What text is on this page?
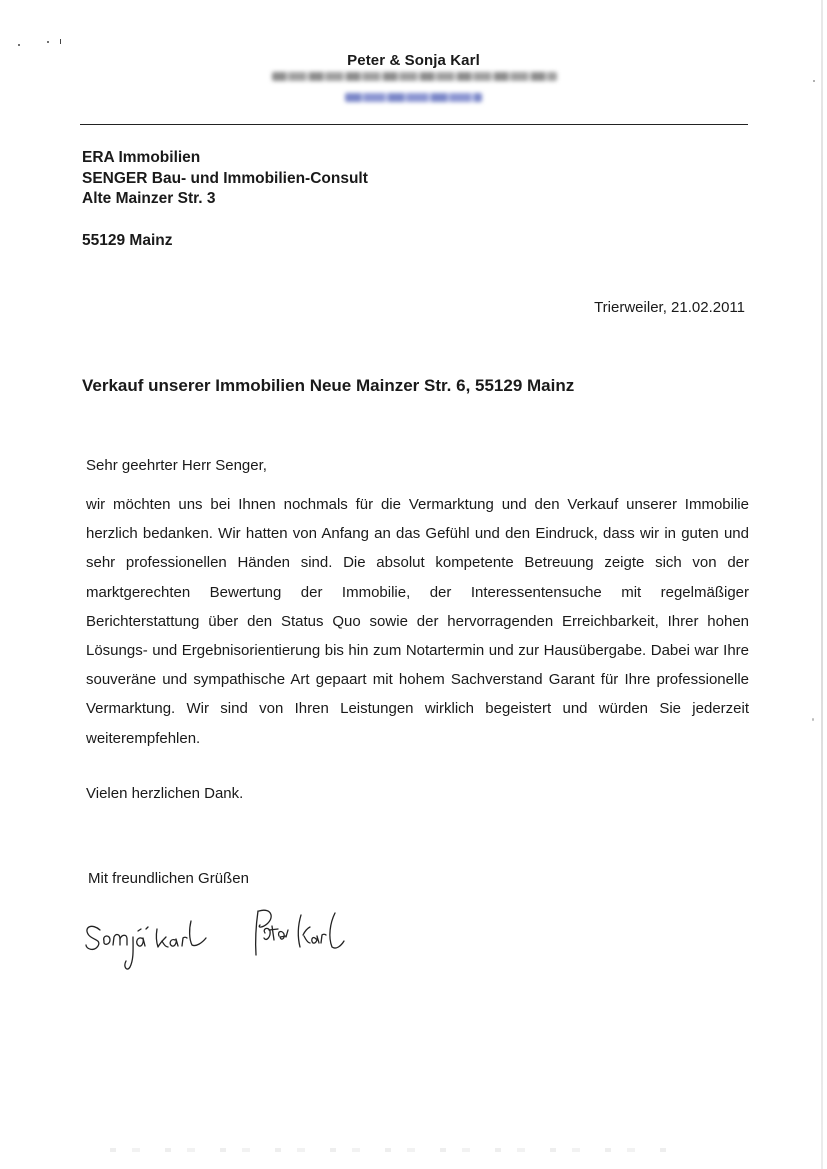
Peter & Sonja Karl
ERA Immobilien
SENGER Bau- und Immobilien-Consult
Alte Mainzer Str. 3
55129 Mainz
Trierweiler, 21.02.2011
Verkauf unserer Immobilien Neue Mainzer Str. 6, 55129 Mainz
Sehr geehrter Herr Senger,
wir möchten uns bei Ihnen nochmals für die Vermarktung und den Verkauf unserer Immobilie herzlich bedanken. Wir hatten von Anfang an das Gefühl und den Eindruck, dass wir in guten und sehr professionellen Händen sind. Die absolut kompetente Betreuung zeigte sich von der marktgerechten Bewertung der Immobilie, der Interessentensuche mit regelmäßiger Berichterstattung über den Status Quo sowie der hervorragenden Erreichbarkeit, Ihrer hohen Lösungs- und Ergebnisorientierung bis hin zum Notartermin und zur Hausübergabe. Dabei war Ihre souveräne und sympathische Art gepaart mit hohem Sachverstand Garant für Ihre professionelle Vermarktung. Wir sind von Ihren Leistungen wirklich begeistert und würden Sie jederzeit weiterempfehlen.
Vielen herzlichen Dank.
Mit freundlichen Grüßen
